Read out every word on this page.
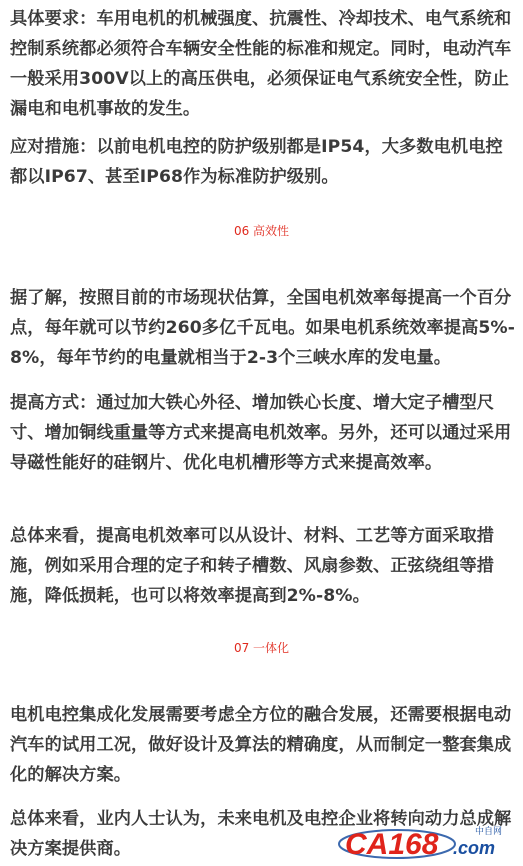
具体要求：车用电机的机械强度、抗震性、冷却技术、电气系统和控制系统都必须符合车辆安全性能的标准和规定。同时，电动汽车一般采用300V以上的高压供电，必须保证电气系统安全性，防止漏电和电机事故的发生。

应对措施：以前电机电控的防护级别都是IP54，大多数电机电控都以IP67、甚至IP68作为标准防护级别。

06 高效性

据了解，按照目前的市场现状估算，全国电机效率每提高一个百分点，每年就可以节约260多亿千瓦电。如果电机系统效率提高5%-8%，每年节约的电量就相当于2-3个三峡水库的发电量。

提高方式：通过加大铁心外径、增加铁心长度、增大定子槽型尺寸、增加铜线重量等方式来提高电机效率。另外，还可以通过采用导磁性能好的硅钢片、优化电机槽形等方式来提高效率。

总体来看，提高电机效率可以从设计、材料、工艺等方面采取措施，例如采用合理的定子和转子槽数、风扇参数、正弦绕组等措施，降低损耗，也可以将效率提高到2%-8%。

07 一体化

电机电控集成化发展需要考虑全方位的融合发展，还需要根据电动汽车的试用工况，做好设计及算法的精确度，从而制定一整套集成化的解决方案。

总体来看，业内人士认为，未来电机及电控企业将转向动力总成解决方案提供商。	CA168 .com
中自网
